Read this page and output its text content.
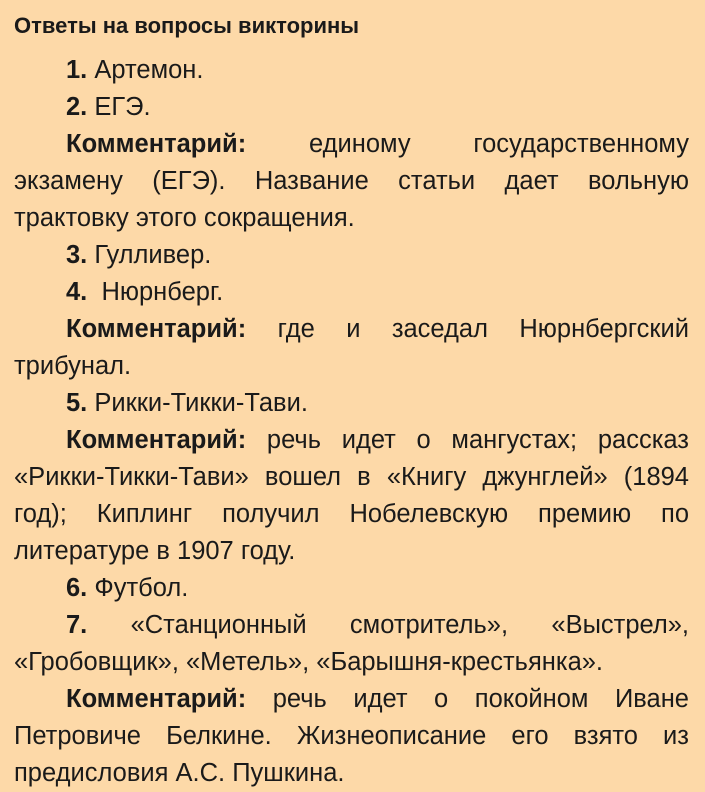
Ответы на вопросы викторины

1. Артемон.

2. ЕГЭ.

Комментарий: единому государственному экзамену (ЕГЭ). Название статьи дает вольную трактовку этого сокращения.

3. Гулливер.

4.  Нюрнберг.

Комментарий: где и заседал Нюрнбергский трибунал.

5. Рикки-Тикки-Тави.

Комментарий: речь идет о мангустах; рассказ «Рикки-Тикки-Тави» вошел в «Книгу джунглей» (1894 год); Киплинг получил Нобелевскую премию по литературе в 1907 году.

6. Футбол.

7. «Станционный смотритель», «Выстрел», «Гробовщик», «Метель», «Барышня-крестьянка».

Комментарий: речь идет о покойном Иване Петровиче Белкине. Жизнеописание его взято из предисловия А.С. Пушкина.
